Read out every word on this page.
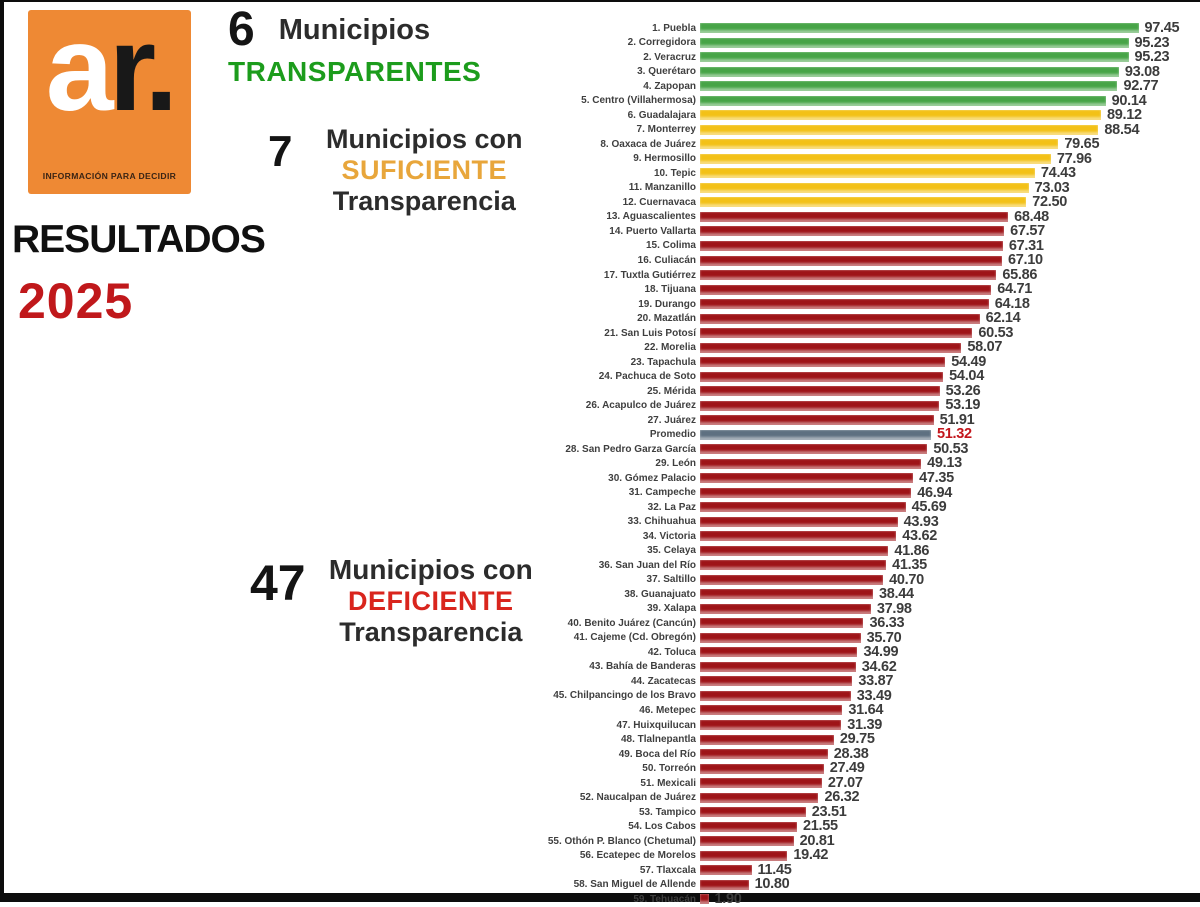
ar.
INFORMACIÓN PARA DECIDIR
RESULTADOS
2025
6 Municipios
TRANSPARENTES
7	Municipios con
SUFICIENTE
Transparencia
47 Municipios con
DEFICIENTE
Transparencia
1. Puebla	97.45
2. Corregidora	95.23
2. Veracruz	95.23
3. Querétaro	93.08
4. Zapopan	92.77
5. Centro (Villahermosa)	90.14
6. Guadalajara	89.12
7. Monterrey	88.54
8. Oaxaca de Juárez	79.65
9. Hermosillo	77.96
10. Tepic	74.43
11. Manzanillo	73.03
12. Cuernavaca	72.50
13. Aguascalientes	68.48
14. Puerto Vallarta	67.57
15. Colima	67.31
16. Culiacán	67.10
17. Tuxtla Gutiérrez	65.86
18. Tijuana	64.71
19. Durango	64.18
20. Mazatlán	62.14
21. San Luis Potosí	60.53
22. Morelia	58.07
23. Tapachula	54.49
24. Pachuca de Soto	54.04
25. Mérida	53.26
26. Acapulco de Juárez	53.19
27. Juárez	51.91
Promedio	51.32
28. San Pedro Garza García	50.53
29. León	49.13
30. Gómez Palacio	47.35
31. Campeche	46.94
32. La Paz	45.69
33. Chihuahua	43.93
34. Victoria	43.62
35. Celaya	41.86
36. San Juan del Río	41.35
37. Saltillo	40.70
38. Guanajuato	38.44
39. Xalapa	37.98
40. Benito Juárez (Cancún)	36.33
41. Cajeme (Cd. Obregón)	35.70
42. Toluca	34.99
43. Bahía de Banderas	34.62
44. Zacatecas	33.87
45. Chilpancingo de los Bravo	33.49
46. Metepec	31.64
47. Huixquilucan	31.39
48. Tlalnepantla	29.75
49. Boca del Río	28.38
50. Torreón	27.49
51. Mexicali	27.07
52. Naucalpan de Juárez	26.32
53. Tampico	23.51
54. Los Cabos	21.55
55. Othón P. Blanco (Chetumal)	20.81
56. Ecatepec de Morelos	19.42
57. Tlaxcala	11.45
58. San Miguel de Allende	10.80
59. Tehuacán 1.90
